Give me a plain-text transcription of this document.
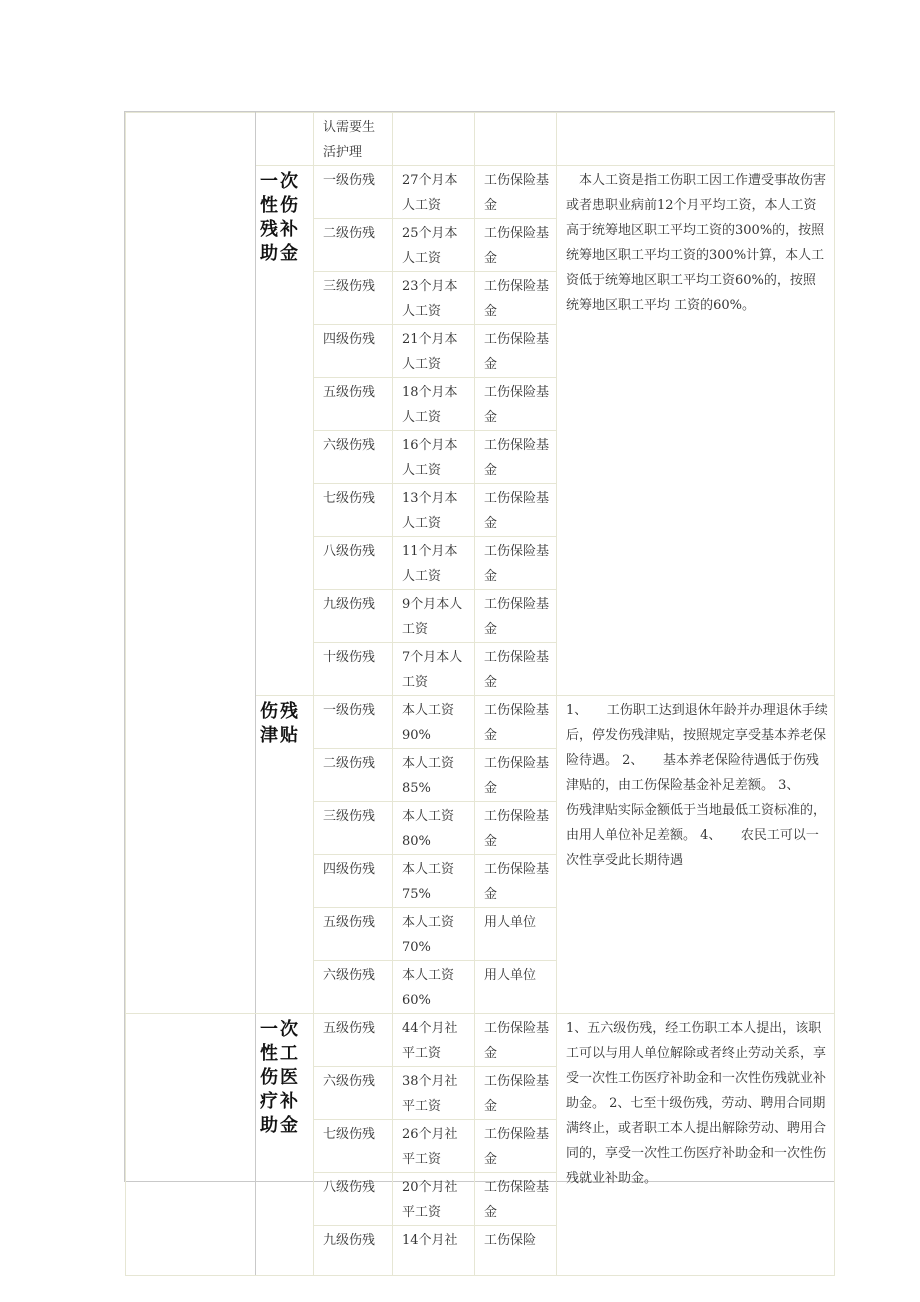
		认需要生活护理			
	一次性伤残补助金	一级伤残	27个月本人工资	工伤保险基金	　本人工资是指工伤职工因工作遭受事故伤害或者患职业病前12个月平均工资，本人工资高于统筹地区职工平均工资的300%的，按照统筹地区职工平均工资的300%计算，本人工资低于统筹地区职工平均工资60%的，按照统筹地区职工平均 工资的60%。
		二级伤残	25个月本人工资	工伤保险基金	
		三级伤残	23个月本人工资	工伤保险基金	
		四级伤残	21个月本人工资	工伤保险基金	
		五级伤残	18个月本人工资	工伤保险基金	
		六级伤残	16个月本人工资	工伤保险基金	
		七级伤残	13个月本人工资	工伤保险基金	
		八级伤残	11个月本人工资	工伤保险基金	
		九级伤残	9个月本人工资	工伤保险基金	
		十级伤残	7个月本人工资	工伤保险基金	
	伤残津贴	一级伤残	本人工资90%	工伤保险基金	1、　　工伤职工达到退休年龄并办理退休手续后，停发伤残津贴，按照规定享受基本养老保险待遇。 2、　　基本养老保险待遇低于伤残津贴的，由工伤保险基金补足差额。 3、　　伤残津贴实际金额低于当地最低工资标准的，由用人单位补足差额。 4、　　农民工可以一次性享受此长期待遇
		二级伤残	本人工资85%	工伤保险基金	
		三级伤残	本人工资80%	工伤保险基金	
		四级伤残	本人工资75%	工伤保险基金	
		五级伤残	本人工资70%	用人单位	
		六级伤残	本人工资60%	用人单位	
	一次性工伤医疗补助金	五级伤残	44个月社平工资	工伤保险基金	1、五六级伤残，经工伤职工本人提出，该职工可以与用人单位解除或者终止劳动关系，享受一次性工伤医疗补助金和一次性伤残就业补助金。 2、七至十级伤残，劳动、聘用合同期满终止，或者职工本人提出解除劳动、聘用合同的，享受一次性工伤医疗补助金和一次性伤残就业补助金。
		六级伤残	38个月社平工资	工伤保险基金	
		七级伤残	26个月社平工资	工伤保险基金	
		八级伤残	20个月社平工资	工伤保险基金	
		九级伤残	14个月社	工伤保险	
